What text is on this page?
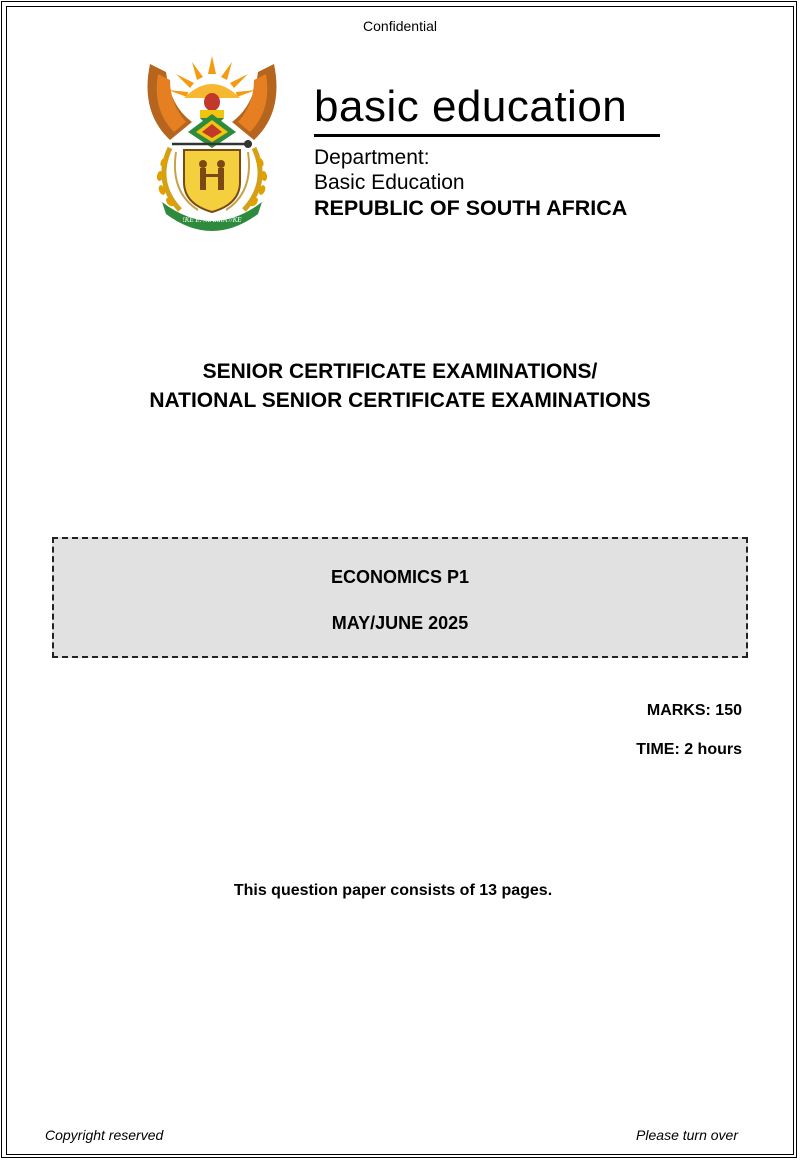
Confidential
!KE E: /XARRA //KE
basic education
Department:
Basic Education
REPUBLIC OF SOUTH AFRICA
SENIOR CERTIFICATE EXAMINATIONS/
NATIONAL SENIOR CERTIFICATE EXAMINATIONS
ECONOMICS P1
MAY/JUNE 2025
MARKS: 150
TIME: 2 hours
This question paper consists of 13 pages.
Copyright reserved	Please turn over
